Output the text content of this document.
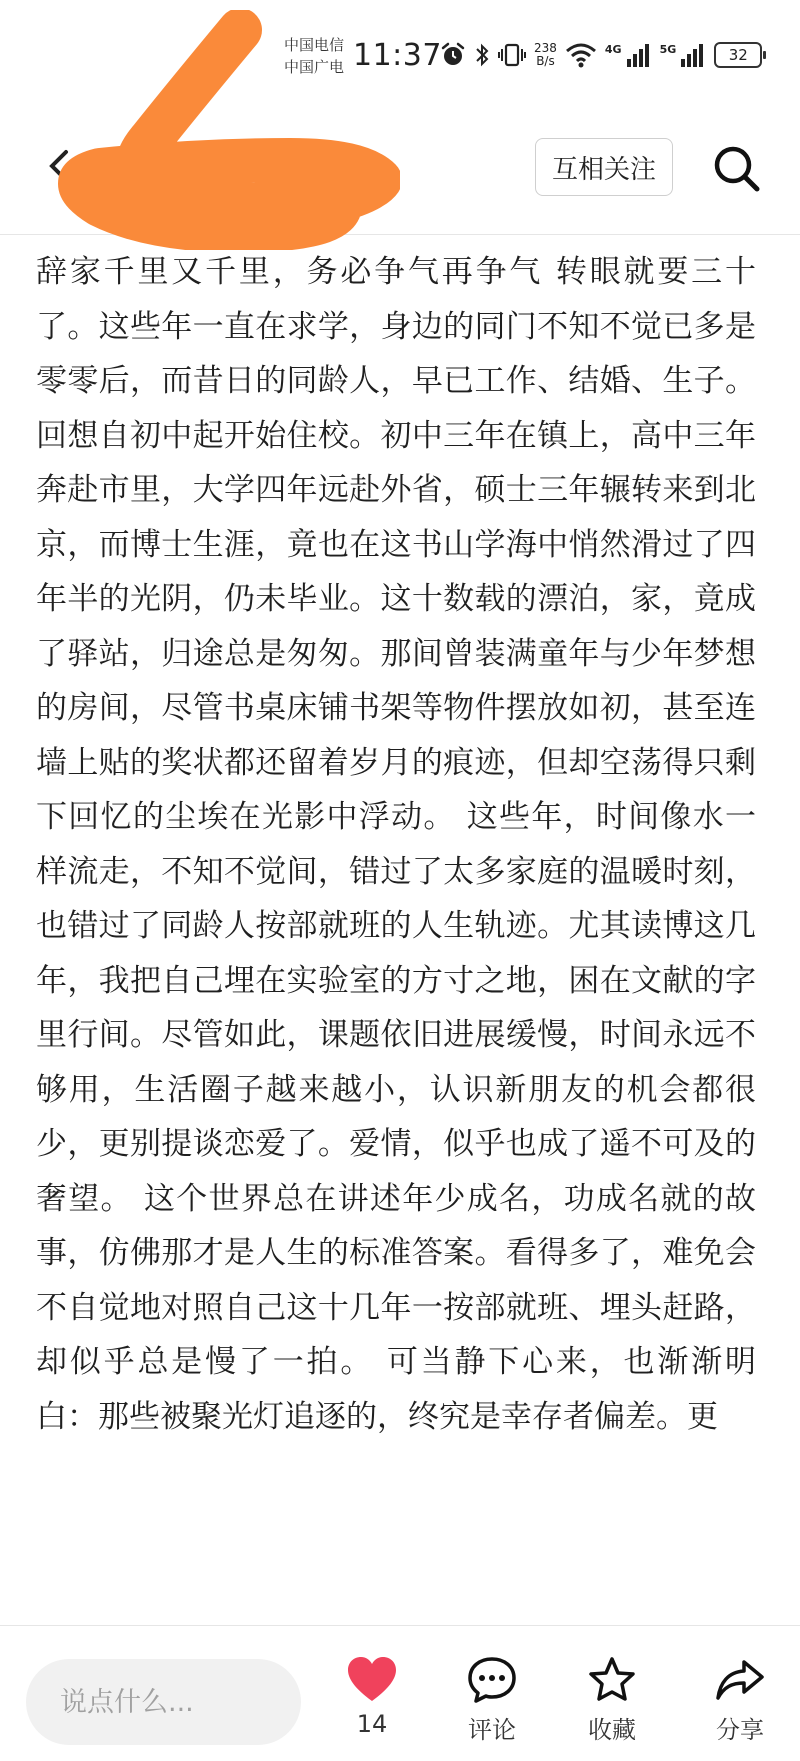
中国电信
中国广电 11:37	238
B/s
4G	5G	32
互相关注

辞家千里又千里，务必争气再争气 转眼就要三十了。这些年一直在求学，身边的同门不知不觉已多是零零后，而昔日的同龄人，早已工作、结婚、生子。 回想自初中起开始住校。初中三年在镇上，高中三年奔赴市里，大学四年远赴外省，硕士三年辗转来到北京，而博士生涯，竟也在这书山学海中悄然滑过了四年半的光阴，仍未毕业。这十数载的漂泊，家，竟成了驿站，归途总是匆匆。那间曾装满童年与少年梦想的房间，尽管书桌床铺书架等物件摆放如初，甚至连墙上贴的奖状都还留着岁月的痕迹，但却空荡得只剩下回忆的尘埃在光影中浮动。 这些年，时间像水一样流走，不知不觉间，错过了太多家庭的温暖时刻，也错过了同龄人按部就班的人生轨迹。尤其读博这几年，我把自己埋在实验室的方寸之地，困在文献的字里行间。尽管如此，课题依旧进展缓慢，时间永远不够用，生活圈子越来越小，认识新朋友的机会都很少，更别提谈恋爱了。爱情，似乎也成了遥不可及的奢望。 这个世界总在讲述年少成名，功成名就的故事，仿佛那才是人生的标准答案。看得多了，难免会不自觉地对照自己这十几年一按部就班、埋头赶路，却似乎总是慢了一拍。 可当静下心来，也渐渐明白：那些被聚光灯追逐的，终究是幸存者偏差。更

说点什么...
14	评论	收藏	分享
